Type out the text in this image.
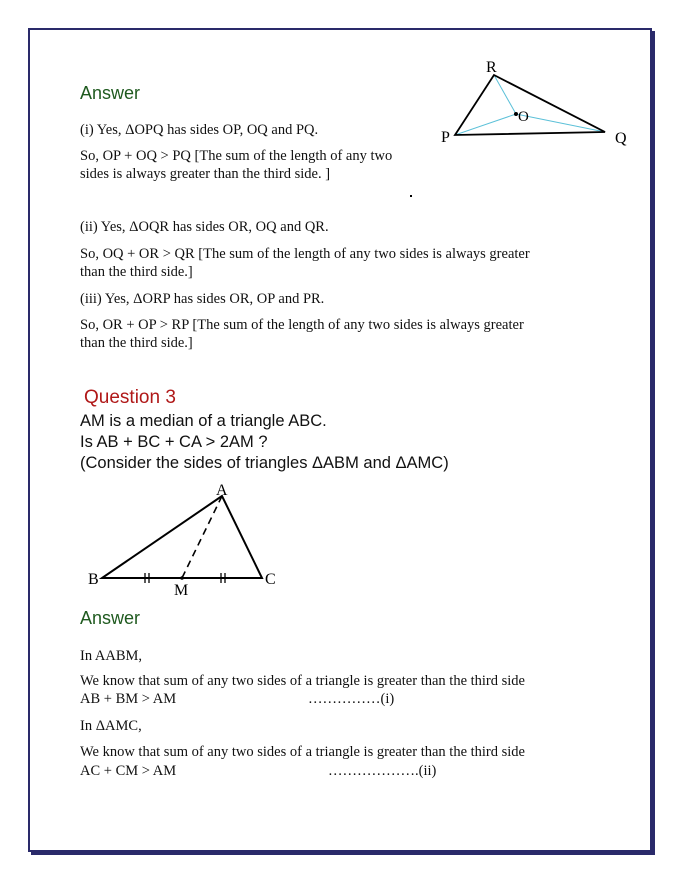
Answer
(i) Yes, ΔOPQ has sides OP, OQ and PQ.
So, OP + OQ > PQ [The sum of the length of any two
sides is always greater than the third side. ]
(ii) Yes, ΔOQR has sides OR, OQ and QR.
So, OQ + OR > QR [The sum of the length of any two sides is always greater
than the third side.]
(iii) Yes, ΔORP has sides OR, OP and PR.
So, OR + OP > RP [The sum of the length of any two sides is always greater
than the third side.]
R
O
P	Q
Question 3
AM is a median of a triangle ABC.
Is AB + BC + CA > 2AM ?
(Consider the sides of triangles ΔABM and ΔAMC)
A
B	C
M
Answer
In AABM,
We know that sum of any two sides of a triangle is greater than the third side
AB + BM > AM	……………(i)
In ΔAMC,
We know that sum of any two sides of a triangle is greater than the third side
AC + CM > AM	……………….(ii)
